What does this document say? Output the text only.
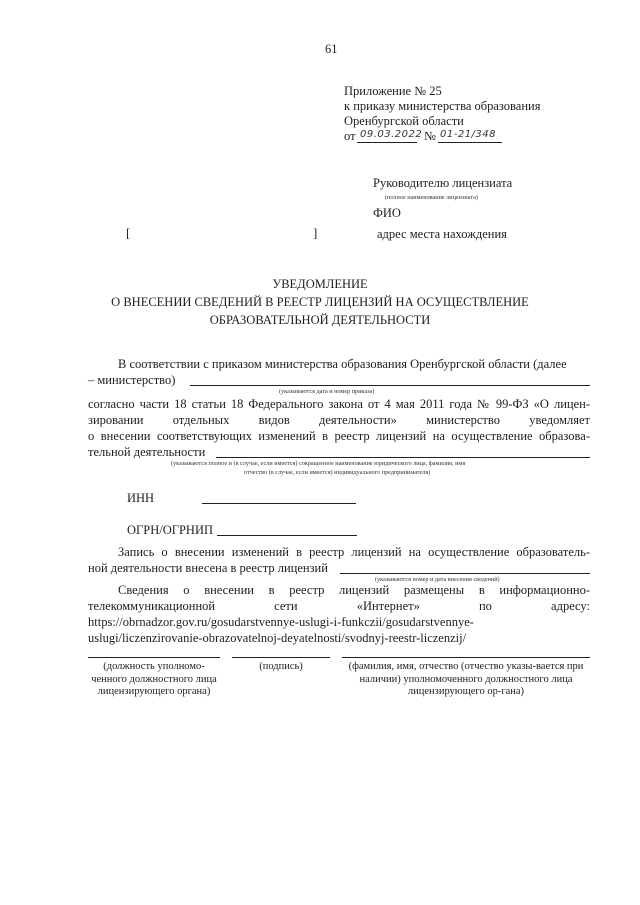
61
Приложение № 25
к приказу министерства образования
Оренбургской области
от 09.03.2022 № 01-21/348
Руководителю лицензиата
(полное наименование лицензиата)
ФИО
[	]	адрес места нахождения
УВЕДОМЛЕНИЕ
О ВНЕСЕНИИ СВЕДЕНИЙ В РЕЕСТР ЛИЦЕНЗИЙ НА ОСУЩЕСТВЛЕНИЕ
ОБРАЗОВАТЕЛЬНОЙ ДЕЯТЕЛЬНОСТИ
В соответствии с приказом министерства образования Оренбургской области (далее
– министерство)
(указываются дата и номер приказа)
согласно части 18 статьи 18 Федерального закона от 4 мая 2011 года № 99-ФЗ «О лицен-
зировании отдельных видов деятельности» министерство уведомляет
о внесении соответствующих изменений в реестр лицензий на осуществление образова-
тельной деятельности
(указываются полное и (в случае, если имеется) сокращенное наименование юридического лица, фамилия, имя
отчество (в случае, если имеется) индивидуального предпринимателя)
ИНН
ОГРН/ОГРНИП
Запись о внесении изменений в реестр лицензий на осуществление образователь-
ной деятельности внесена в реестр лицензий
(указываются номер и дата внесения сведений)
Сведения о внесении в реестр лицензий размещены в информационно-
телекоммуникационной сети «Интернет» по адресу:
https://obrnadzor.gov.ru/gosudarstvennye-uslugi-i-funkczii/gosudarstvennye-
uslugi/liczenzirovanie-obrazovatelnoj-deyatelnosti/svodnyj-reestr-liczenzij/
(должность уполномо-ченного должностного лица лицензирующего органа)
(подпись)	(фамилия, имя, отчество (отчество указы-вается при наличии) уполномоченного должностного лица лицензирующего ор-гана)
